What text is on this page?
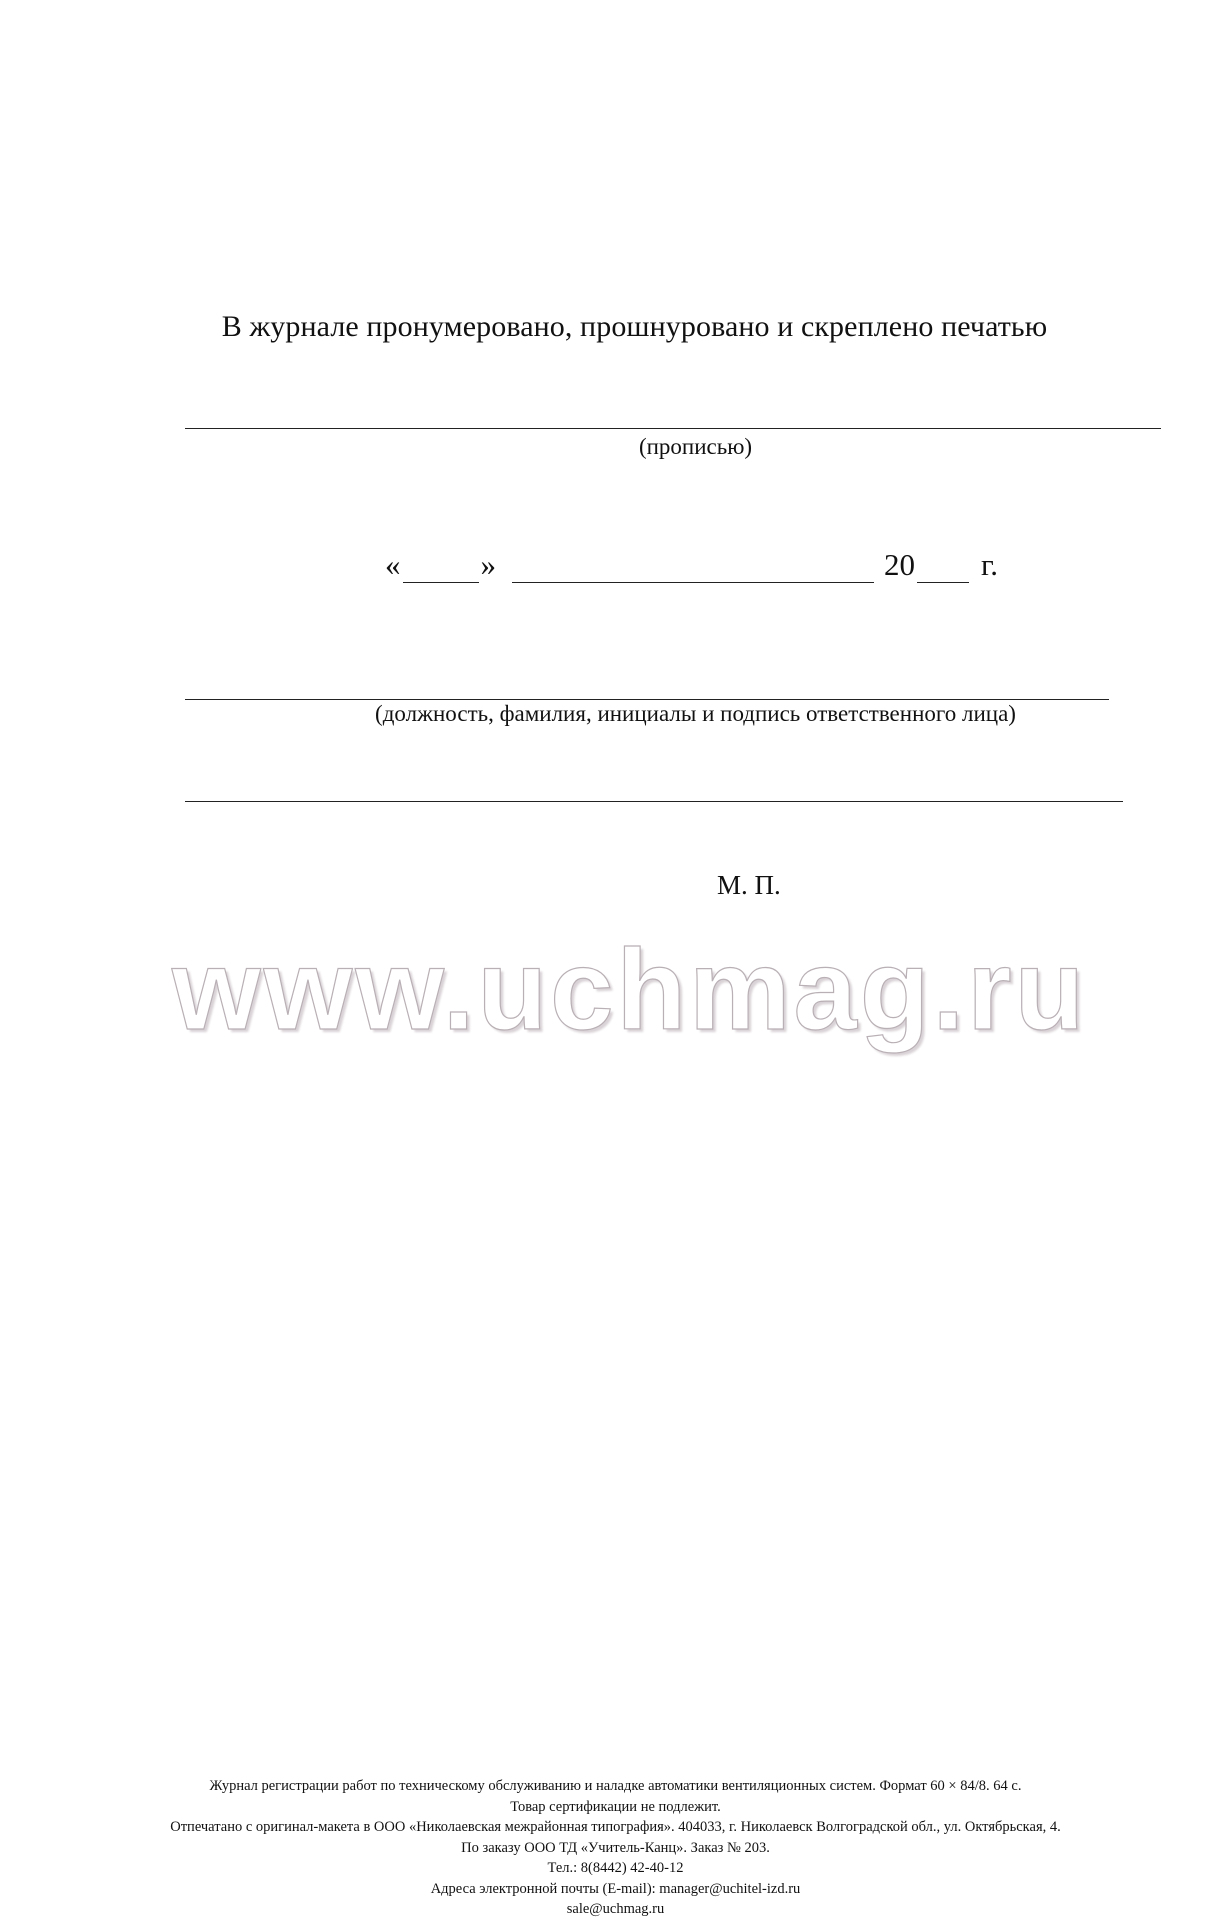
В журнале пронумеровано, прошнуровано и скреплено печатью
(прописью)
«	»	20 г.
(должность, фамилия, инициалы и подпись ответственного лица)
М. П.
www.uchmag.ru
Журнал регистрации работ по техническому обслуживанию и наладке автоматики вентиляционных систем. Формат 60 × 84/8. 64 с.
Товар сертификации не подлежит.
Отпечатано с оригинал-макета в ООО «Николаевская межрайонная типография». 404033, г. Николаевск Волгоградской обл., ул. Октябрьская, 4.
По заказу ООО ТД «Учитель-Канц». Заказ № 203.
Тел.: 8(8442) 42-40-12
Адреса электронной почты (E-mail): manager@uchitel-izd.ru
sale@uchmag.ru
